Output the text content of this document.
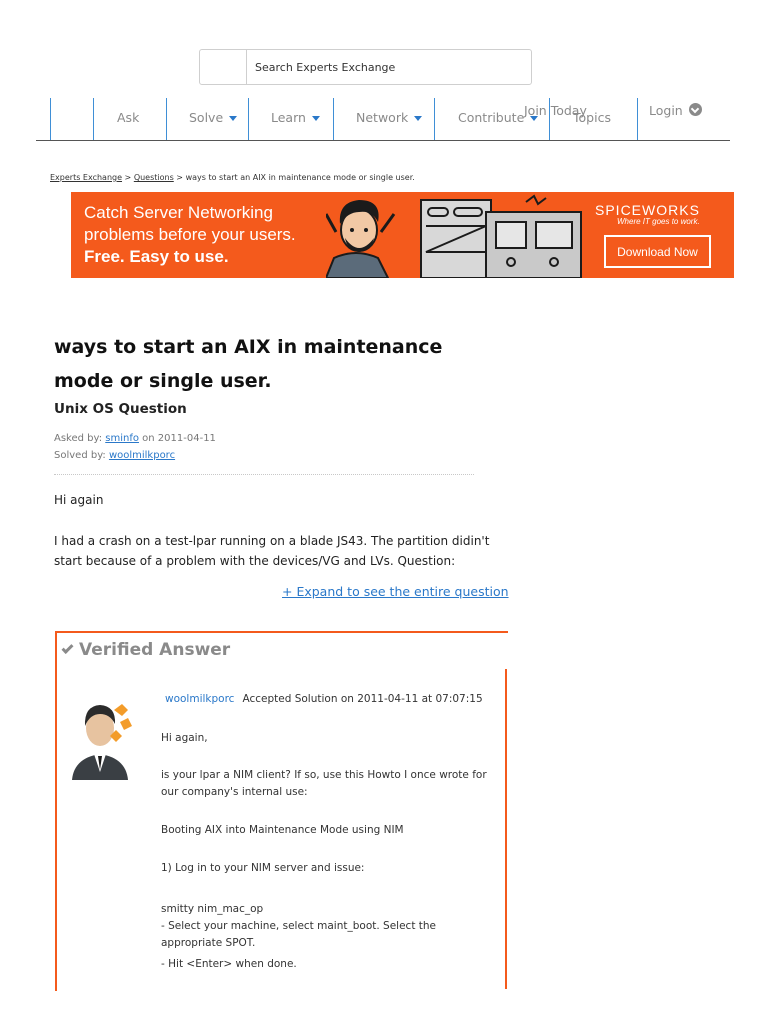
Search Experts Exchange
Ask	Solve	Learn	Network	Contribute Join Today
Topics	Login
Experts Exchange > Questions > ways to start an AIX in maintenance mode or single user.
Catch Server Networking
problems before your users.
Free. Easy to use.
SPICEWORKS
Where IT goes to work.
Download Now
ways to start an AIX in maintenance mode or single user.
Unix OS Question
Asked by: sminfo on 2011-04-11
Solved by: woolmilkporc

Hi again

I had a crash on a test-lpar running on a blade JS43. The partition didin't start because of a problem with the devices/VG and LVs. Question:

+ Expand to see the entire question
Verified Answer
woolmilkporc Accepted Solution on 2011-04-11 at 07:07:15
Hi again,
is your lpar a NIM client? If so, use this Howto I once wrote for our company's internal use:
Booting AIX into Maintenance Mode using NIM
1) Log in to your NIM server and issue:
smitty nim_mac_op
- Select your machine, select maint_boot. Select the appropriate SPOT.
- Hit <Enter> when done.
